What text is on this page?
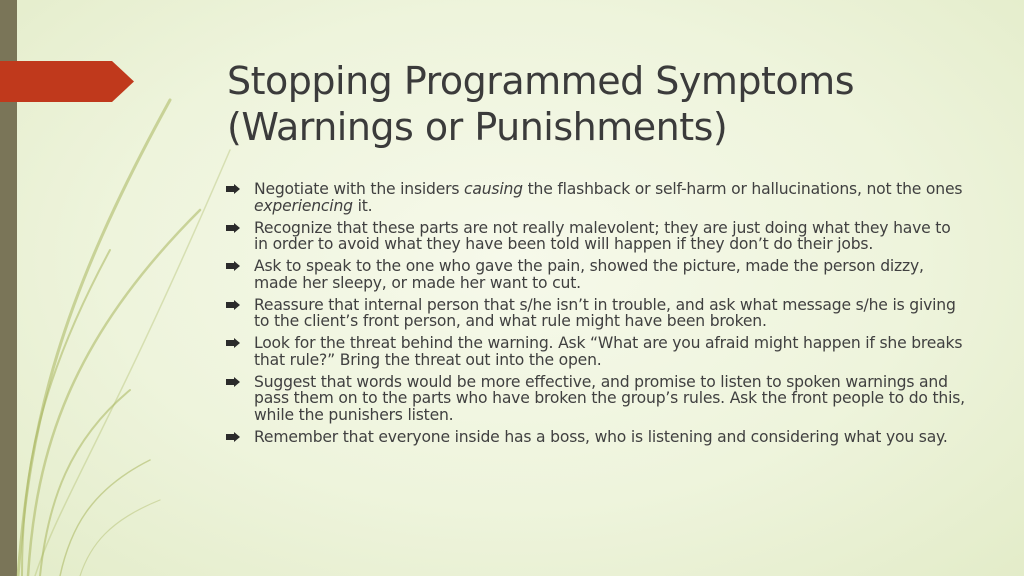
Stopping Programmed Symptoms
(Warnings or Punishments)
Negotiate with the insiders causing the flashback or self-harm or hallucinations, not the ones experiencing it.
Recognize that these parts are not really malevolent; they are just doing what they have to in order to avoid what they have been told will happen if they don’t do their jobs.
Ask to speak to the one who gave the pain, showed the picture, made the person dizzy, made her sleepy, or made her want to cut.
Reassure that internal person that s/he isn’t in trouble, and ask what message s/he is giving to the client’s front person, and what rule might have been broken.
Look for the threat behind the warning. Ask “What are you afraid might happen if she breaks that rule?” Bring the threat out into the open.
Suggest that words would be more effective, and promise to listen to spoken warnings and pass them on to the parts who have broken the group’s rules. Ask the front people to do this, while the punishers listen.
Remember that everyone inside has a boss, who is listening and considering what you say.
